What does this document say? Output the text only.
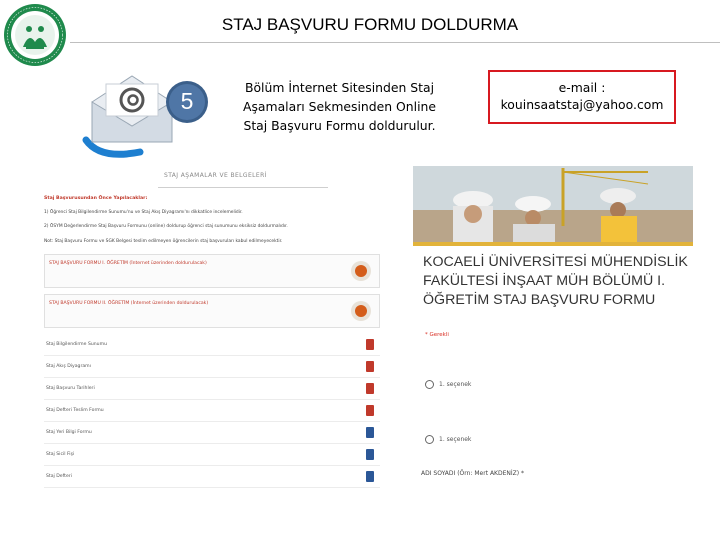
STAJ BAŞVURU FORMU DOLDURMA
5
Bölüm İnternet Sitesinden Staj Aşamaları Sekmesinden Online Staj Başvuru Formu doldurulur.
e-mail :
kouinsaatstaj@yahoo.com
STAJ AŞAMALAR VE BELGELERİ
Staj Başvurusundan Önce Yapılacaklar:
1) Öğrenci Staj Bilgilendirme Sunumu'nu ve Staj Akış Diyagramı'nı dikkatlice incelemelidir.
2) ÖSYM Değerlendirme Staj Başvuru Formunu (online) doldurup öğrenci staj sunumunu eksiksiz doldurmalıdır.
Not: Staj Başvuru Formu ve SGK Belgesi teslim edilmeyen öğrencilerin staj başvuruları kabul edilmeyecektir.
STAJ BAŞVURU FORMU I. ÖĞRETİM (İnternet üzerinden doldurulacak)
STAJ BAŞVURU FORMU II. ÖĞRETİM (İnternet üzerinden doldurulacak)
Staj Bilgilendirme Sunumu
Staj Akış Diyagramı
Staj Başvuru Tarihleri
Staj Defteri Teslim Formu
Staj Yeri Bilgi Formu
Staj Sicil Fişi
Staj Defteri
KOCAELİ ÜNİVERSİTESİ MÜHENDİSLİK FAKÜLTESİ İNŞAAT MÜH BÖLÜMÜ I. ÖĞRETİM STAJ BAŞVURU FORMU
* Gerekli
1. seçenek
1. seçenek
ADI SOYADI (Örn: Mert AKDENİZ) *
